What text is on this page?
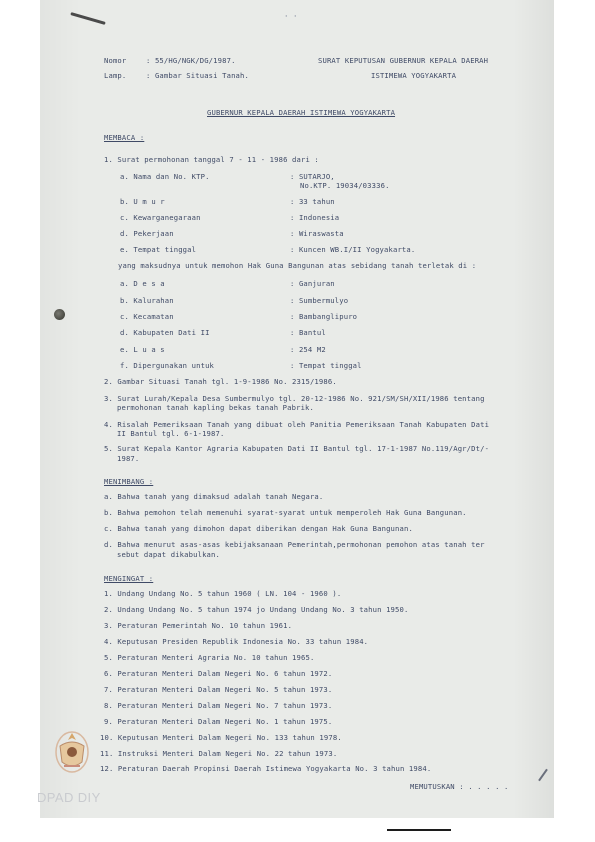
' '
Nomor	: 55/HG/NGK/DG/1987.
Lamp.	: Gambar Situasi Tanah.
SURAT KEPUTUSAN GUBERNUR KEPALA DAERAH
ISTIMEWA YOGYAKARTA
GUBERNUR KEPALA DAERAH ISTIMEWA YOGYAKARTA
MEMBACA :
1. Surat permohonan tanggal 7 - 11 - 1986 dari :
a. Nama dan No. KTP.	: SUTARJO,
No.KTP. 19034/03336.
b. U m u r	: 33 tahun
c. Kewarganegaraan	: Indonesia
d. Pekerjaan	: Wiraswasta
e. Tempat tinggal	: Kuncen WB.I/II Yogyakarta.
yang maksudnya untuk memohon Hak Guna Bangunan atas sebidang tanah terletak di :
a. D e s a	: Ganjuran
b. Kalurahan	: Sumbermulyo
c. Kecamatan	: Bambanglipuro
d. Kabupaten Dati II	: Bantul
e. L u a s	: 254 M2
f. Dipergunakan untuk	: Tempat tinggal
2. Gambar Situasi Tanah tgl. 1-9-1986 No. 2315/1986.
3. Surat Lurah/Kepala Desa Sumbermulyo tgl. 20-12-1986 No. 921/SM/SH/XII/1986 tentang
permohonan tanah kapling bekas tanah Pabrik.
4. Risalah Pemeriksaan Tanah yang dibuat oleh Panitia Pemeriksaan Tanah Kabupaten Dati
II Bantul tgl. 6-1-1987.
5. Surat Kepala Kantor Agraria Kabupaten Dati II Bantul tgl. 17-1-1987 No.119/Agr/Dt/-
1987.
MENIMBANG :
a. Bahwa tanah yang dimaksud adalah tanah Negara.
b. Bahwa pemohon telah memenuhi syarat-syarat untuk memperoleh Hak Guna Bangunan.
c. Bahwa tanah yang dimohon dapat diberikan dengan Hak Guna Bangunan.
d. Bahwa menurut asas-asas kebijaksanaan Pemerintah,permohonan pemohon atas tanah ter
sebut dapat dikabulkan.
MENGINGAT :
1. Undang Undang No. 5 tahun 1960 ( LN. 104 - 1960 ).
2. Undang Undang No. 5 tahun 1974 jo Undang Undang No. 3 tahun 1950.
3. Peraturan Pemerintah No. 10 tahun 1961.
4. Keputusan Presiden Republik Indonesia No. 33 tahun 1984.
5. Peraturan Menteri Agraria No. 10 tahun 1965.
6. Peraturan Menteri Dalam Negeri No. 6 tahun 1972.
7. Peraturan Menteri Dalam Negeri No. 5 tahun 1973.
8. Peraturan Menteri Dalam Negeri No. 7 tahun 1973.
9. Peraturan Menteri Dalam Negeri No. 1 tahun 1975.
10. Keputusan Menteri Dalam Negeri No. 133 tahun 1978.
11. Instruksi Menteri Dalam Negeri No. 22 tahun 1973.
12. Peraturan Daerah Propinsi Daerah Istimewa Yogyakarta No. 3 tahun 1984.
MEMUTUSKAN : . . . . .
DPAD DIY
